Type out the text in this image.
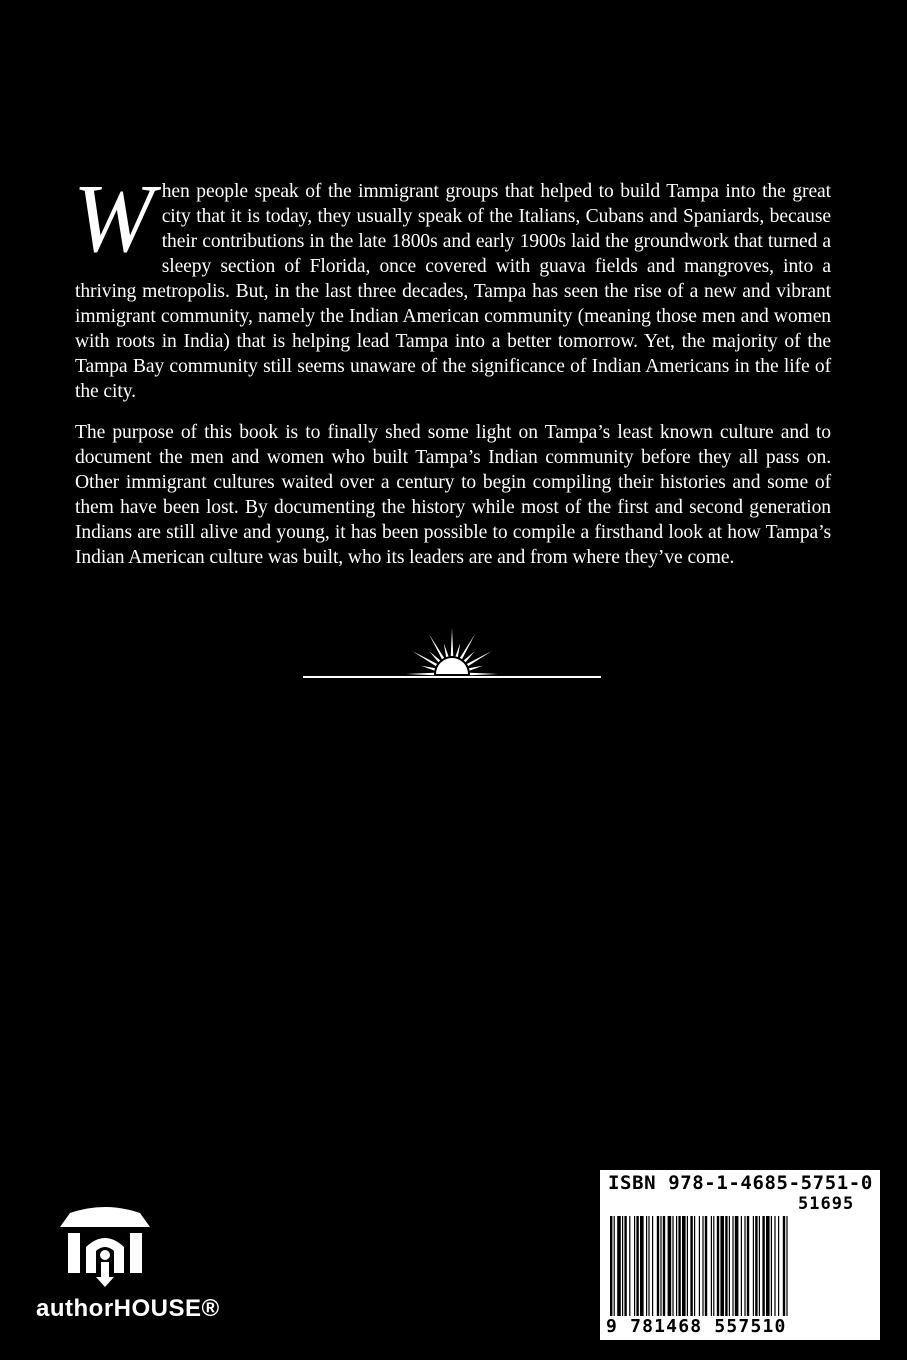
When people speak of the immigrant groups that helped to build Tampa into the great city that it is today, they usually speak of the Italians, Cubans and Spaniards, because their contributions in the late 1800s and early 1900s laid the groundwork that turned a sleepy section of Florida, once covered with guava fields and mangroves, into a thriving metropolis. But, in the last three decades, Tampa has seen the rise of a new and vibrant immigrant community, namely the Indian American community (meaning those men and women with roots in India) that is helping lead Tampa into a better tomorrow. Yet, the majority of the Tampa Bay community still seems unaware of the significance of Indian Americans in the life of the city.

The purpose of this book is to finally shed some light on Tampa’s least known culture and to document the men and women who built Tampa’s Indian community before they all pass on. Other immigrant cultures waited over a century to begin compiling their histories and some of them have been lost. By documenting the history while most of the first and second generation Indians are still alive and young, it has been possible to compile a firsthand look at how Tampa’s Indian American culture was built, who its leaders are and from where they’ve come.

authorHOUSE®
ISBN 978-1-4685-5751-0
51695
9 781468 557510
